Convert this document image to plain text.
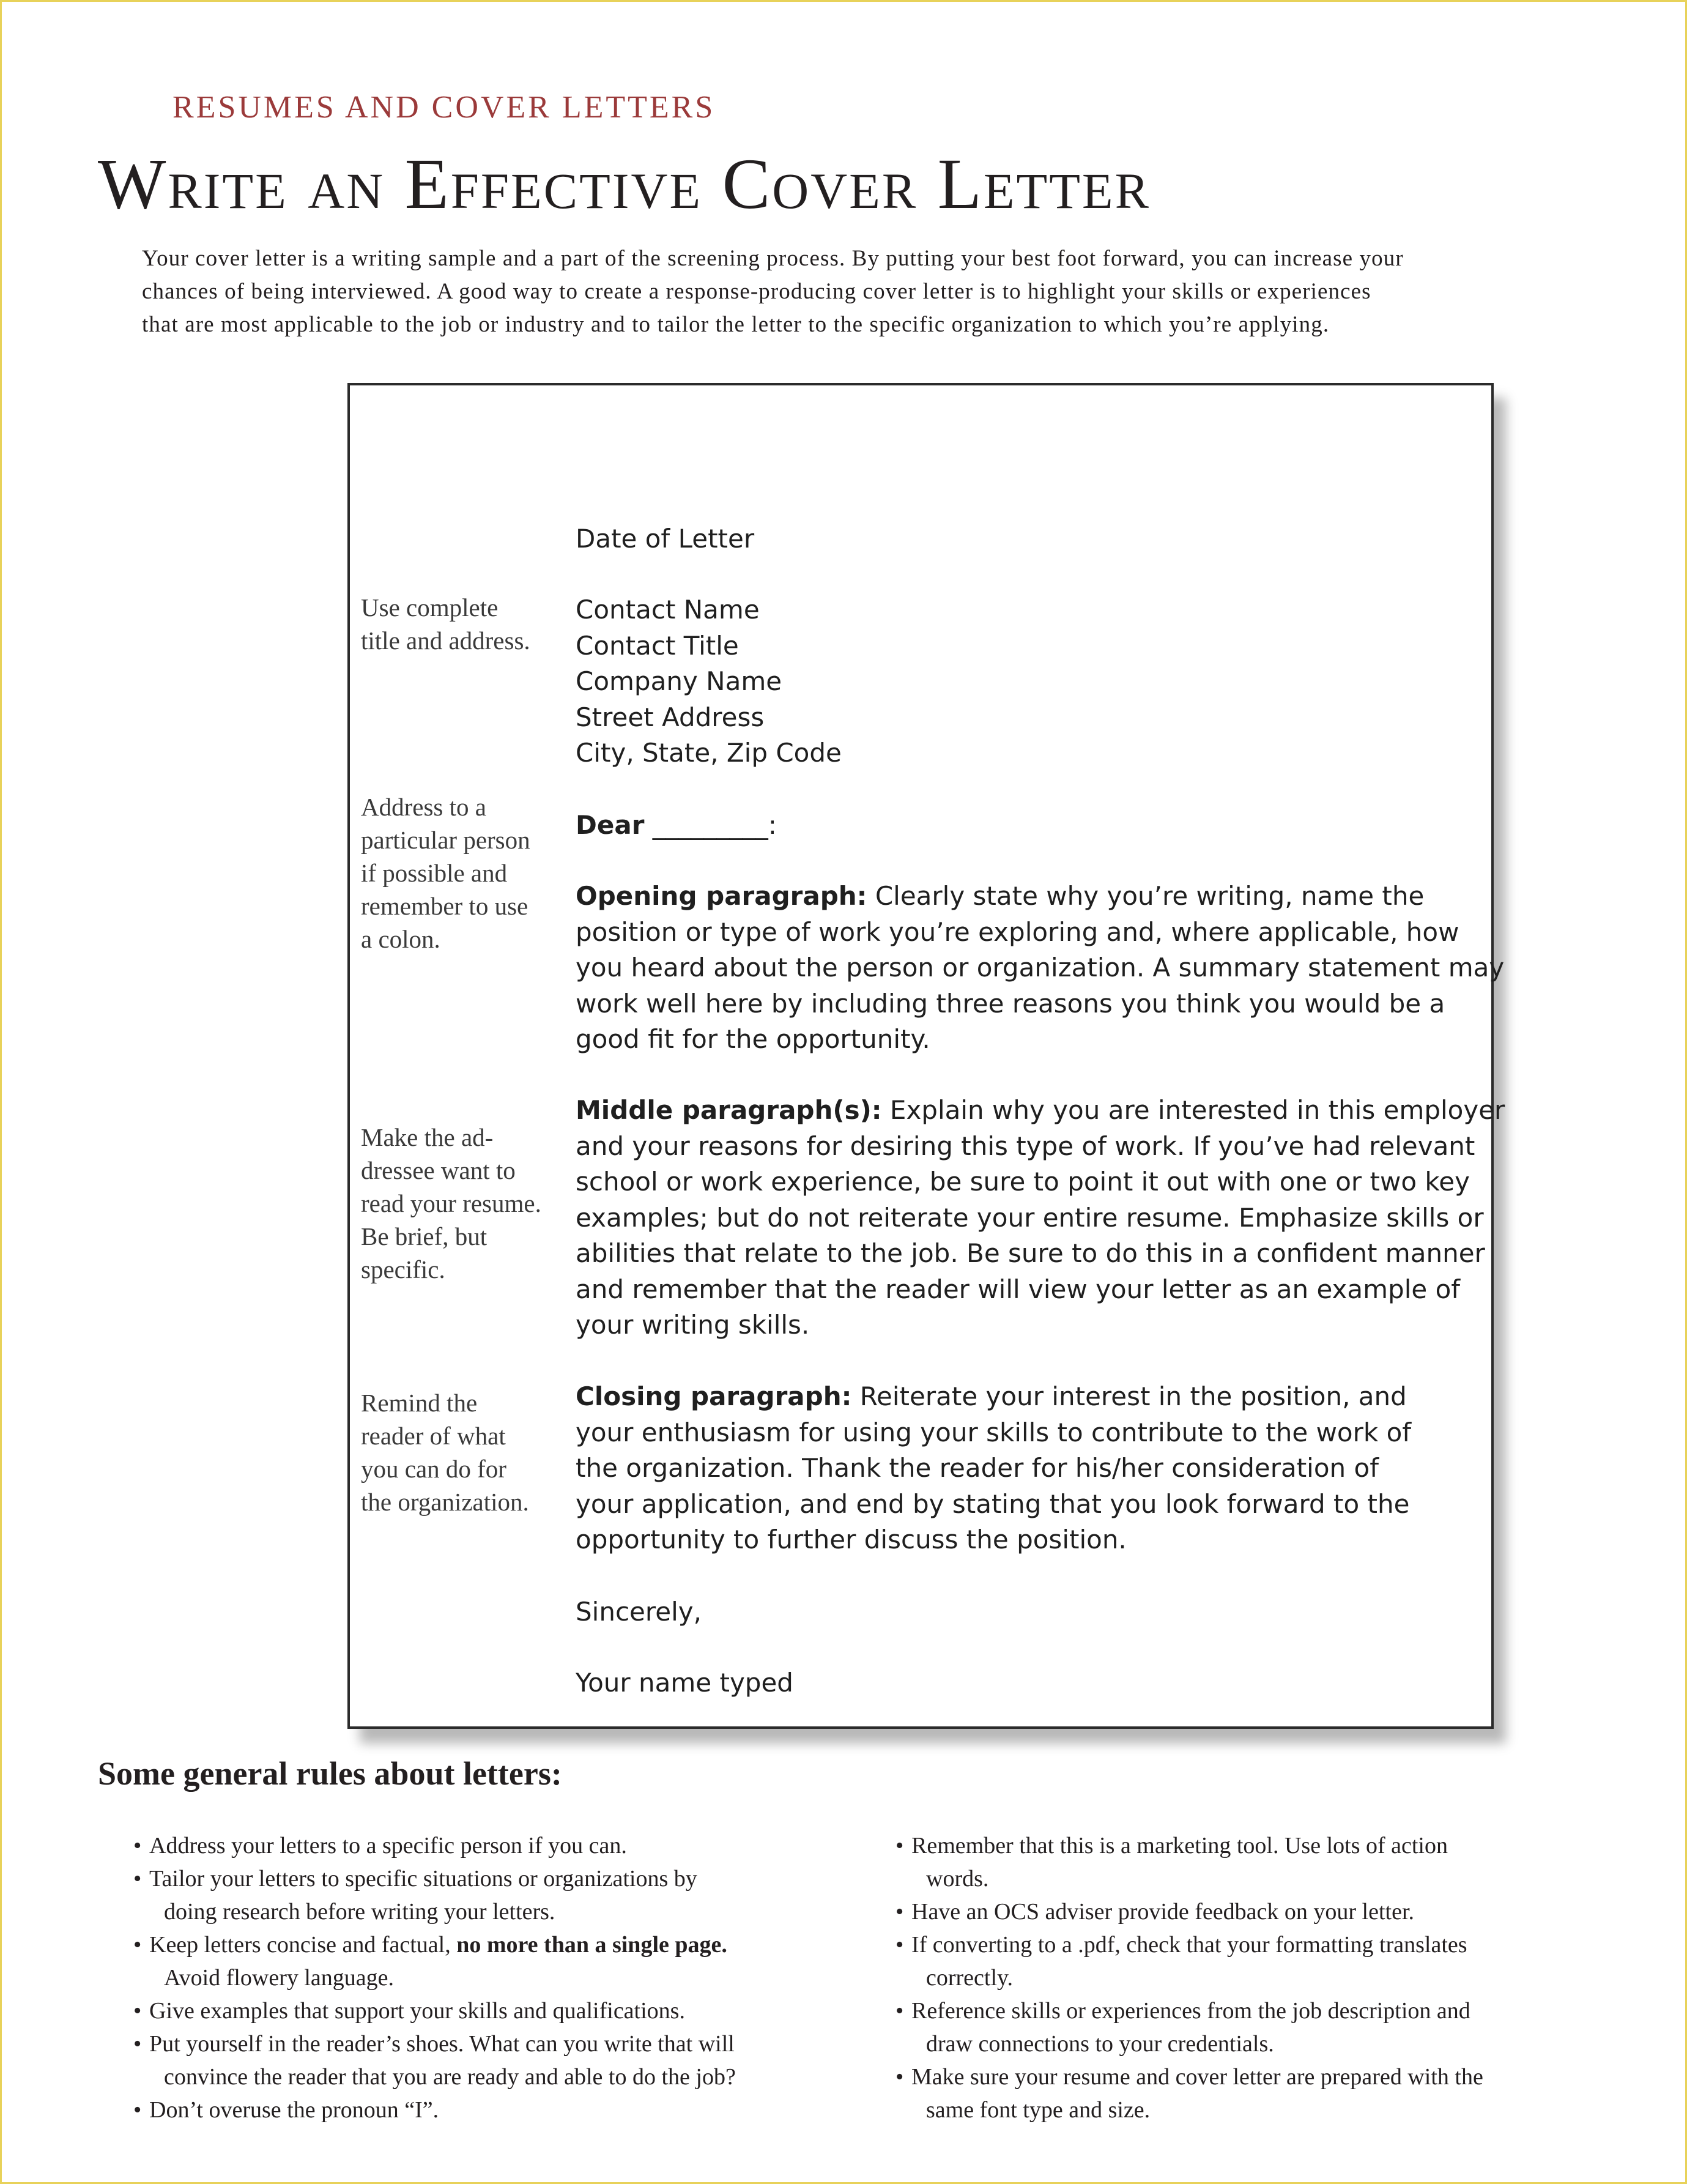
RESUMES AND COVER LETTERS
Write an Effective Cover Letter

Your cover letter is a writing sample and a part of the screening process. By putting your best foot forward, you can increase your
chances of being interviewed. A good way to create a response-producing cover letter is to highlight your skills or experiences
that are most applicable to the job or industry and to tailor the letter to the specific organization to which you’re applying.

Use complete
title and address.
Address to a
particular person
if possible and
remember to use
a colon.
Make the ad-
dressee want to
read your resume.
Be brief, but
specific.
Remind the
reader of what
you can do for
the organization.
Date of Letter
Contact Name
Contact Title
Company Name
Street Address
City, State, Zip Code
Dear _________:
Opening paragraph: Clearly state why you’re writing, name the
position or type of work you’re exploring and, where applicable, how
you heard about the person or organization. A summary statement may
work well here by including three reasons you think you would be a
good fit for the opportunity.
Middle paragraph(s): Explain why you are interested in this employer
and your reasons for desiring this type of work. If you’ve had relevant
school or work experience, be sure to point it out with one or two key
examples; but do not reiterate your entire resume. Emphasize skills or
abilities that relate to the job. Be sure to do this in a confident manner
and remember that the reader will view your letter as an example of
your writing skills.
Closing paragraph: Reiterate your interest in the position, and
your enthusiasm for using your skills to contribute to the work of
the organization. Thank the reader for his/her consideration of
your application, and end by stating that you look forward to the
opportunity to further discuss the position.
Sincerely,
Your name typed
Some general rules about letters:
• Address your letters to a specific person if you can.
• Tailor your letters to specific situations or organizations by
doing research before writing your letters.
• Keep letters concise and factual, no more than a single page.
Avoid flowery language.
• Give examples that support your skills and qualifications.
• Put yourself in the reader’s shoes. What can you write that will
convince the reader that you are ready and able to do the job?
• Don’t overuse the pronoun “I”.
• Remember that this is a marketing tool. Use lots of action
words.
• Have an OCS adviser provide feedback on your letter.
• If converting to a .pdf, check that your formatting translates
correctly.
• Reference skills or experiences from the job description and
draw connections to your credentials.
• Make sure your resume and cover letter are prepared with the
same font type and size.
